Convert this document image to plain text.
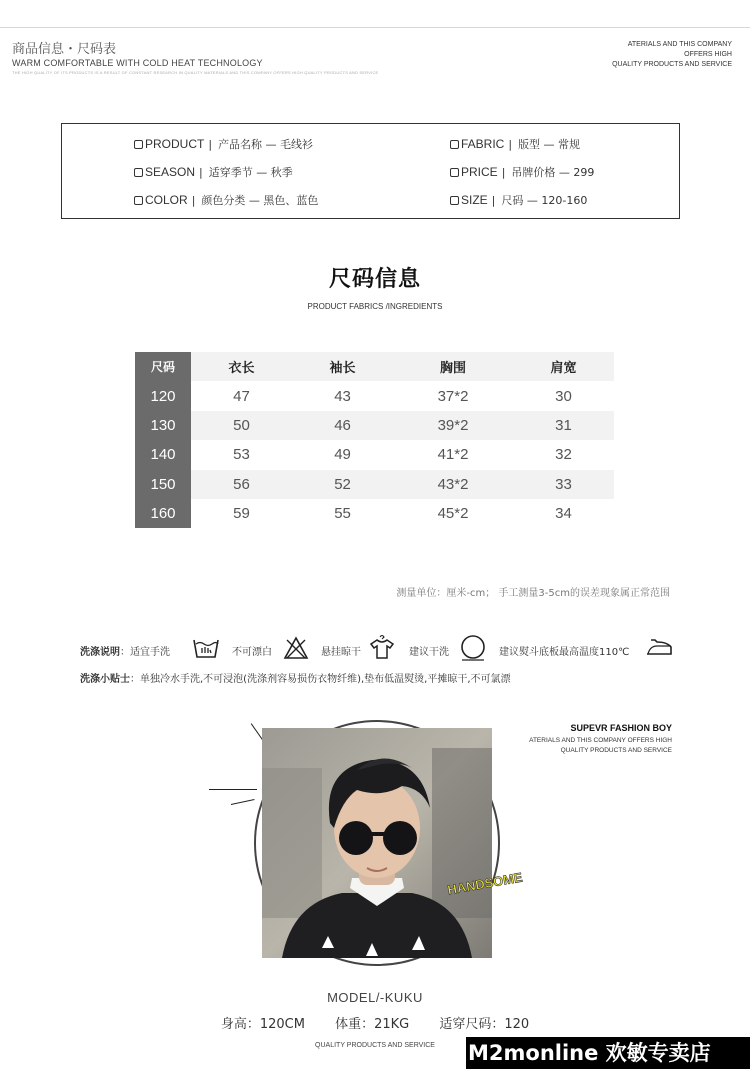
商品信息・尺码表
WARM COMFORTABLE WITH COLD HEAT TECHNOLOGY
THE HIGH QUALITY OF ITS PRODUCTS IS A RESULT OF CONSTANT RESEARCH IN QUALITY MATERIALS AND THIS COMPANY OFFERS HIGH QUALITY PRODUCTS AND SERVICE
ATERIALS AND THIS COMPANY
OFFERS HIGH
QUALITY PRODUCTS AND SERVICE
PRODUCT | 产品名称 — 毛线衫
SEASON | 适穿季节 — 秋季
COLOR | 颜色分类 — 黑色、蓝色
FABRIC | 版型 — 常规
PRICE | 吊牌价格 — 299
SIZE | 尺码 — 120-160
尺码信息
PRODUCT FABRICS /INGREDIENTS
尺码	衣长	袖长	胸围	肩宽
120	47	43	37*2	30
130	50	46	39*2	31
140	53	49	41*2	32
150	56	52	43*2	33
160	59	55	45*2	34
测量单位：厘米-cm； 手工测量3-5cm的误差现象属正常范围
洗涤说明：适宜手洗	不可漂白	悬挂晾干	建议干洗	建议熨斗底板最高温度110℃
洗涤小贴士：单独冷水手洗,不可浸泡(洗涤剂容易损伤衣物纤维),垫布低温熨烫,平摊晾干,不可氯漂
SUPEVR FASHION BOY
ATERIALS AND THIS COMPANY OFFERS HIGH
QUALITY PRODUCTS AND SERVICE
HANDSOME
MODEL/-KUKU
身高：120CM 体重：21KG 适穿尺码：120
QUALITY PRODUCTS AND SERVICE	M2monline 欢敏专卖店
